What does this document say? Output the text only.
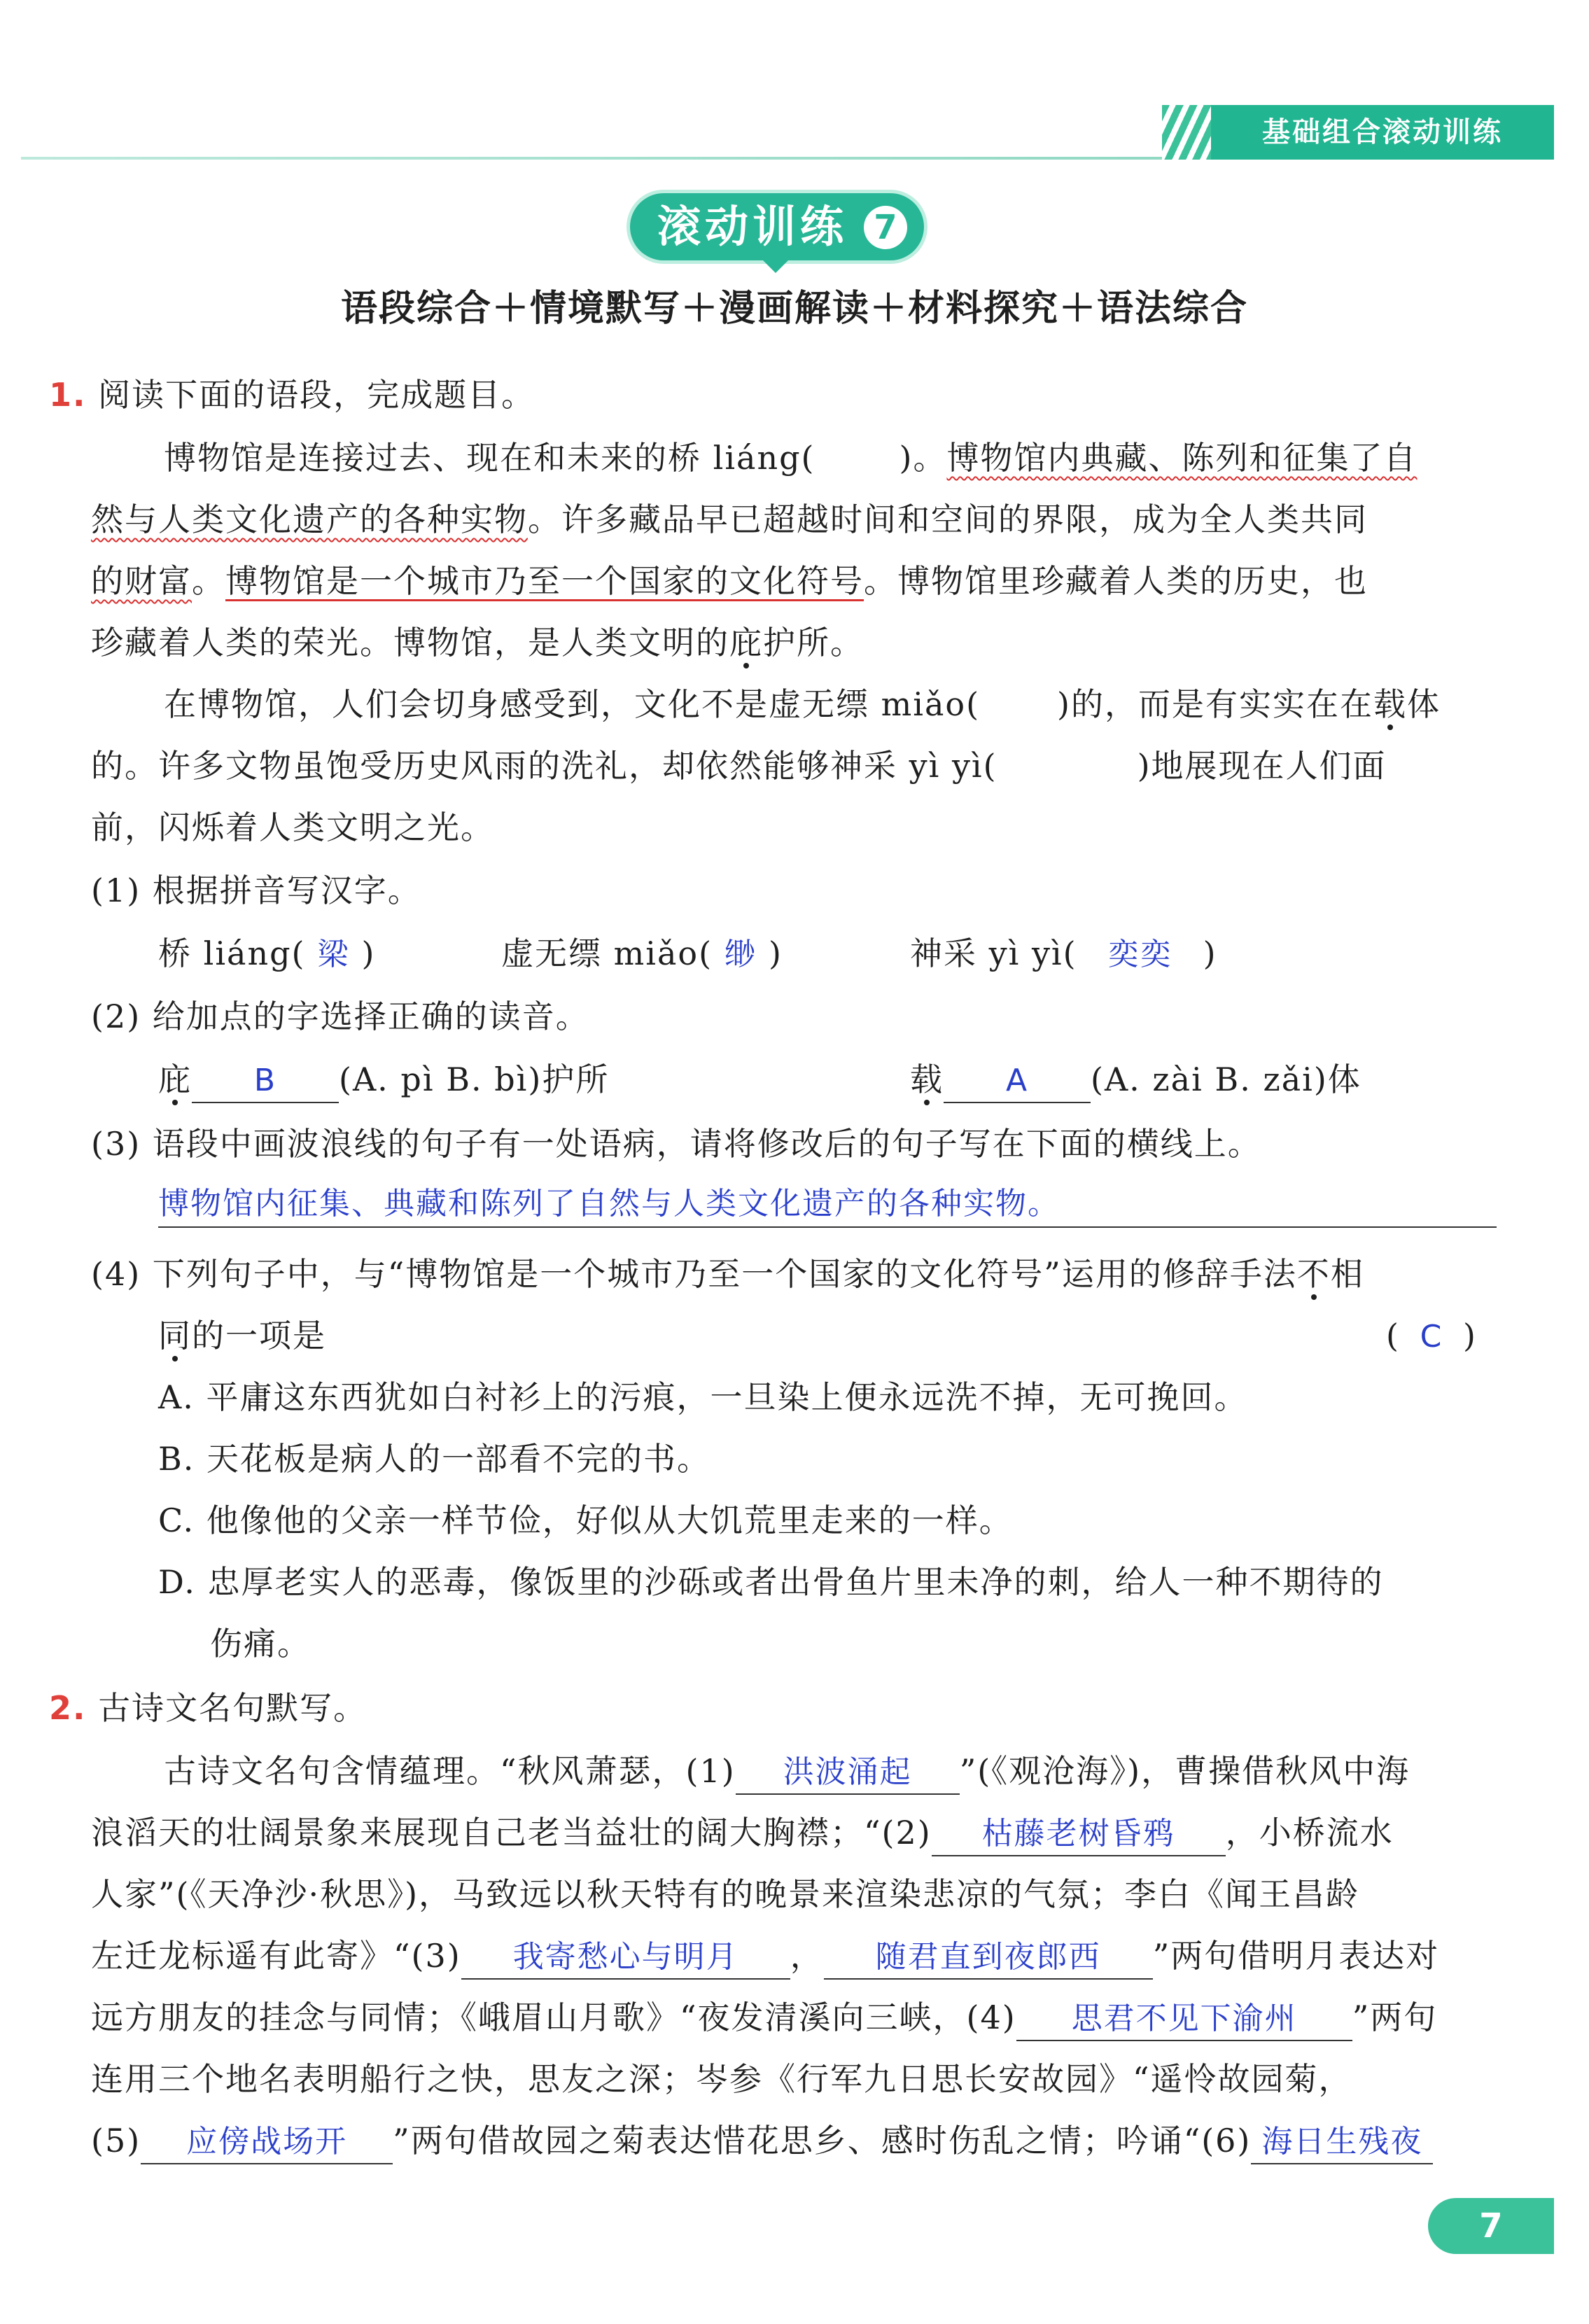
基础组合滚动训练
滚动训练 7
语段综合＋情境默写＋漫画解读＋材料探究＋语法综合
1. 阅读下面的语段，完成题目。
博物馆是连接过去、现在和未来的桥 liáng(	)。博物馆内典藏、陈列和征集了自
然与人类文化遗产的各种实物。许多藏品早已超越时间和空间的界限，成为全人类共同
的财富。博物馆是一个城市乃至一个国家的文化符号。博物馆里珍藏着人类的历史，也
珍藏着人类的荣光。博物馆，是人类文明的庇护所。
在博物馆，人们会切身感受到，文化不是虚无缥 miǎo( )的，而是有实实在在载体
的。许多文物虽饱受历史风雨的洗礼，却依然能够神采 yì yì(	)地展现在人们面
前，闪烁着人类文明之光。
(1) 根据拼音写汉字。
桥 liáng( 梁 )	虚无缥 miǎo( 缈 )	神采 yì yì( 奕奕 )
(2) 给加点的字选择正确的读音。
庇 B (A. pì B. bì)护所	载 A (A. zài B. zǎi)体
(3) 语段中画波浪线的句子有一处语病，请将修改后的句子写在下面的横线上。
博物馆内征集、典藏和陈列了自然与人类文化遗产的各种实物。
(4) 下列句子中，与“博物馆是一个城市乃至一个国家的文化符号”运用的修辞手法不相
同的一项是	( C )
A. 平庸这东西犹如白衬衫上的污痕，一旦染上便永远洗不掉，无可挽回。
B. 天花板是病人的一部看不完的书。
C. 他像他的父亲一样节俭，好似从大饥荒里走来的一样。
D. 忠厚老实人的恶毒，像饭里的沙砾或者出骨鱼片里未净的刺，给人一种不期待的
伤痛。
2. 古诗文名句默写。
古诗文名句含情蕴理。“秋风萧瑟，(1) 洪波涌起 ”(《观沧海》)，曹操借秋风中海
浪滔天的壮阔景象来展现自己老当益壮的阔大胸襟；“(2) 枯藤老树昏鸦 ，小桥流水
人家”(《天净沙·秋思》)，马致远以秋天特有的晚景来渲染悲凉的气氛；李白《闻王昌龄
左迁龙标遥有此寄》“(3) 我寄愁心与明月 ， 随君直到夜郎西 ”两句借明月表达对
远方朋友的挂念与同情；《峨眉山月歌》“夜发清溪向三峡，(4) 思君不见下渝州 ”两句
连用三个地名表明船行之快，思友之深；岑参《行军九日思长安故园》“遥怜故园菊，
(5) 应傍战场开 ”两句借故园之菊表达惜花思乡、感时伤乱之情；吟诵“(6) 海日生残夜
7
